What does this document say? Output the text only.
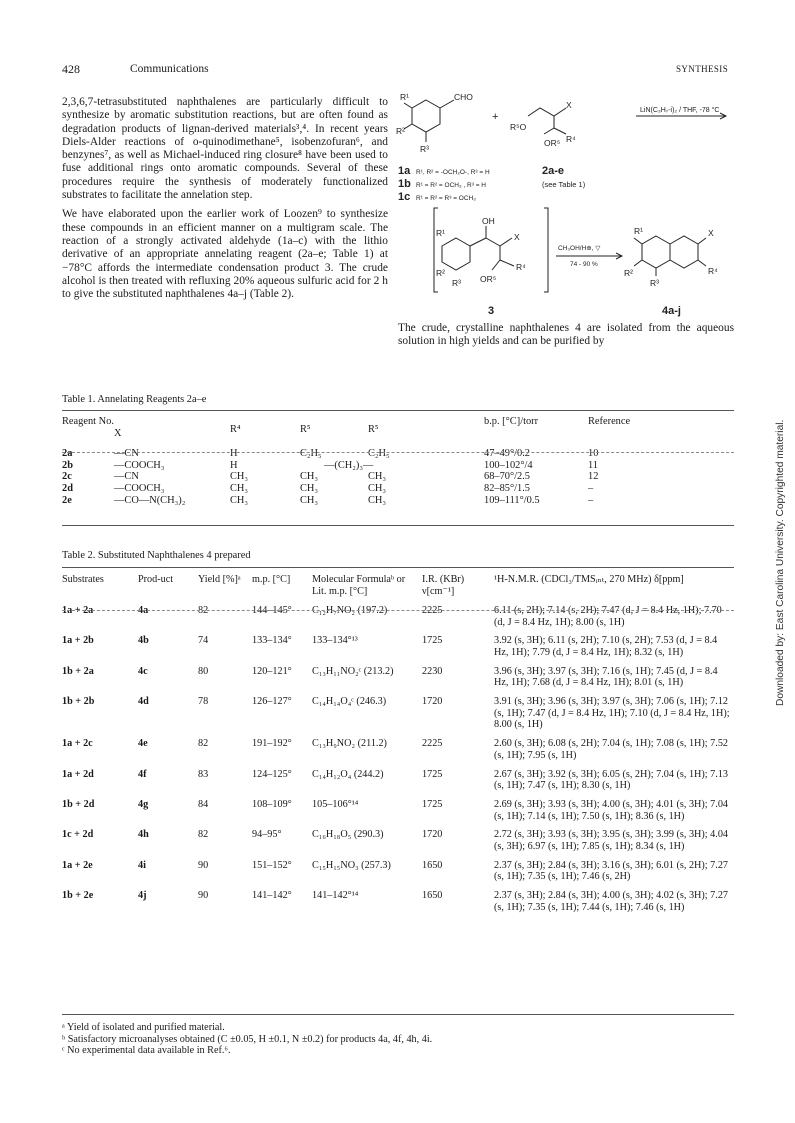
428	Communications	SYNTHESIS

2,3,6,7-tetrasubstituted naphthalenes are particularly difficult to synthesize by aromatic substitution reactions, but are often found as degradation products of lignan-derived materials³,⁴. In recent years Diels-Alder reactions of o-quinodimethane⁵, isobenzofuran⁶, and benzynes⁷, as well as Michael-induced ring closure⁸ have been used to fuse additional rings onto aromatic compounds. Several of these procedures require the synthesis of moderately functionalized substrates to facilitate the annelation step.

We have elaborated upon the earlier work of Loozen⁹ to synthesize these compounds in an efficient manner on a multigram scale. The reaction of a strongly activated aldehyde (1a–c) with the lithio derivative of an appropriate annelating reagent (2a–e; Table 1) at −78°C affords the intermediate condensation product 3. The crude alcohol is then treated with refluxing 20% aqueous sulfuric acid for 2 h to give the substituted naphthalenes 4a–j (Table 2).

R¹	CHO
R²
R³
+
X
R⁵O
R⁴
OR⁵
LiN(C₃H₇-i)₂ / THF, -78 °C
1a R¹, R² = -OCH₂O-, R³ = H
1b R¹ = R² = OCH₃ , R³ = H
1c R¹ = R² = R³ = OCH₃
2a-e
(see Table 1)
OH
R¹
R²
R³
X
R⁴
OR⁵
3
CH₃OH/H⊕, ▽
74 - 90 %
R¹
R²
R³
X
R⁴
4a-j
The crude, crystalline naphthalenes 4 are isolated from the aqueous solution in high yields and can be purified by
Downloaded by: East Carolina University. Copyrighted material.
Table 1. Annelating Reagents 2a–e
Reagent No.	X	R⁴	R⁵	R⁵	b.p. [°C]/torr	Reference

2a	—CN	H	C₂H₅	C₂H₅	47–49°/0.2	10
2b	—COOCH₃	H	—(CH₂)₃—		100–102°/4	11
2c	—CN	CH₃	CH₃	CH₃	68–70°/2.5	12
2d	—COOCH₃	CH₃	CH₃	CH₃	82–85°/1.5	–
2e	—CO—N(CH₃)₂	CH₃	CH₃	CH₃	109–111°/0.5	–
Table 2. Substituted Naphthalenes 4 prepared
Substrates	Prod-uct	Yield [%]ᵃ	m.p. [°C]	Molecular Formulaᵇ or Lit. m.p. [°C]	I.R. (KBr) ν[cm⁻¹]	¹H-N.M.R. (CDCl₃/TMSᵢₙₜ, 270 MHz) δ[ppm]
1a + 2a	4a	82	144–145°	C₁₂H₇NO₂ (197.2)	2225	6.11 (s, 2H); 7.14 (s, 2H); 7.47 (d, J = 8.4 Hz, 1H); 7.70 (d, J = 8.4 Hz, 1H); 8.00 (s, 1H)
1a + 2b	4b	74	133–134°	133–134°¹³	1725	3.92 (s, 3H); 6.11 (s, 2H); 7.10 (s, 2H); 7.53 (d, J = 8.4 Hz, 1H); 7.79 (d, J = 8.4 Hz, 1H); 8.32 (s, 1H)
1b + 2a	4c	80	120–121°	C₁₃H₁₁NO₂ᶜ (213.2)	2230	3.96 (s, 3H); 3.97 (s, 3H); 7.16 (s, 1H); 7.45 (d, J = 8.4 Hz, 1H); 7.68 (d, J = 8.4 Hz, 1H); 8.01 (s, 1H)
1b + 2b	4d	78	126–127°	C₁₄H₁₄O₄ᶜ (246.3)	1720	3.91 (s, 3H); 3.96 (s, 3H); 3.97 (s, 3H); 7.06 (s, 1H); 7.12 (s, 1H); 7.47 (d, J = 8.4 Hz, 1H); 7.10 (d, J = 8.4 Hz, 1H); 8.00 (s, 1H)
1a + 2c	4e	82	191–192°	C₁₃H₉NO₂ (211.2)	2225	2.60 (s, 3H); 6.08 (s, 2H); 7.04 (s, 1H); 7.08 (s, 1H); 7.52 (s, 1H); 7.95 (s, 1H)
1a + 2d	4f	83	124–125°	C₁₄H₁₂O₄ (244.2)	1725	2.67 (s, 3H); 3.92 (s, 3H); 6.05 (s, 2H); 7.04 (s, 1H); 7.13 (s, 1H); 7.47 (s, 1H); 8.30 (s, 1H)
1b + 2d	4g	84	108–109°	105–106°¹⁴	1725	2.69 (s, 3H); 3.93 (s, 3H); 4.00 (s, 3H); 4.01 (s, 3H); 7.04 (s, 1H); 7.14 (s, 1H); 7.50 (s, 1H); 8.36 (s, 1H)
1c + 2d	4h	82	94–95°	C₁₆H₁₈O₅ (290.3)	1720	2.72 (s, 3H); 3.93 (s, 3H); 3.95 (s, 3H); 3.99 (s, 3H); 4.04 (s, 3H); 6.97 (s, 1H); 7.85 (s, 1H); 8.34 (s, 1H)
1a + 2e	4i	90	151–152°	C₁₅H₁₅NO₃ (257.3)	1650	2.37 (s, 3H); 2.84 (s, 3H); 3.16 (s, 3H); 6.01 (s, 2H); 7.27 (s, 1H); 7.35 (s, 1H); 7.46 (s, 2H)
1b + 2e	4j	90	141–142°	141–142°¹⁴	1650	2.37 (s, 3H); 2.84 (s, 3H); 4.00 (s, 3H); 4.02 (s, 3H); 7.27 (s, 1H); 7.35 (s, 1H); 7.44 (s, 1H); 7.46 (s, 1H)

ᵃ Yield of isolated and purified material.

ᵇ Satisfactory microanalyses obtained (C ±0.05, H ±0.1, N ±0.2) for products 4a, 4f, 4h, 4i.

ᶜ No experimental data available in Ref.⁶.
